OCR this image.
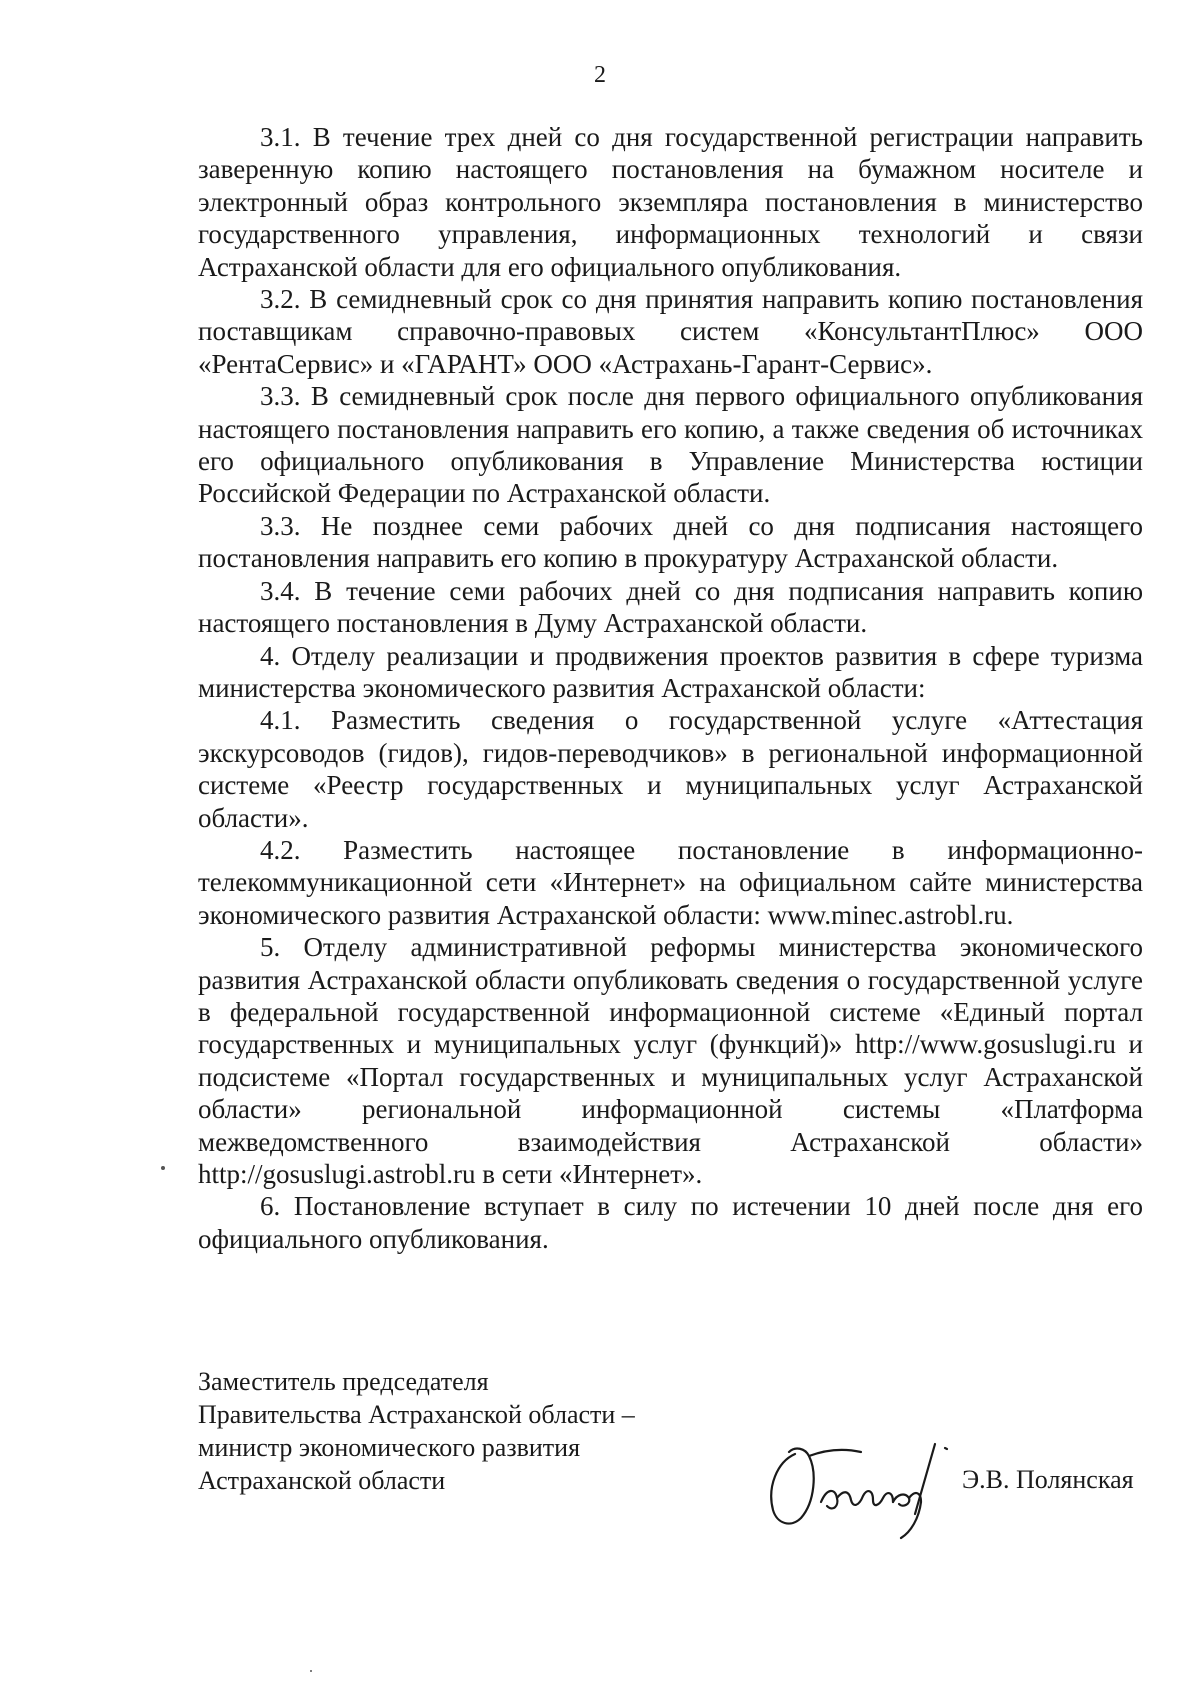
2

3.1. В течение трех дней со дня государственной регистрации направить заверенную копию настоящего постановления на бумажном носителе и электронный образ контрольного экземпляра постановления в министерство государственного управления, информационных технологий и связи Астраханской области для его официального опубликования.

3.2. В семидневный срок со дня принятия направить копию постановления поставщикам справочно-правовых систем «КонсультантПлюс» ООО «РентаСервис» и «ГАРАНТ» ООО «Астрахань-Гарант-Сервис».

3.3. В семидневный срок после дня первого официального опубликования настоящего постановления направить его копию, а также сведения об источниках его официального опубликования в Управление Министерства юстиции Российской Федерации по Астраханской области.

3.3. Не позднее семи рабочих дней со дня подписания настоящего постановления направить его копию в прокуратуру Астраханской области.

3.4. В течение семи рабочих дней со дня подписания направить копию настоящего постановления в Думу Астраханской области.

4. Отделу реализации и продвижения проектов развития в сфере туризма министерства экономического развития Астраханской области:

4.1. Разместить сведения о государственной услуге «Аттестация экскурсоводов (гидов), гидов-переводчиков» в региональной информационной системе «Реестр государственных и муниципальных услуг Астраханской области».

4.2. Разместить настоящее постановление в информационно-телекоммуникационной сети «Интернет» на официальном сайте министерства экономического развития Астраханской области: www.minec.astrobl.ru.

5. Отделу административной реформы министерства экономического развития Астраханской области опубликовать сведения о государственной услуге в федеральной государственной информационной системе «Единый портал государственных и муниципальных услуг (функций)» http://www.gosuslugi.ru и подсистеме «Портал государственных и муниципальных услуг Астраханской области» региональной информационной системы «Платформа межведомственного взаимодействия Астраханской области» http://gosuslugi.astrobl.ru в сети «Интернет».

6. Постановление вступает в силу по истечении 10 дней после дня его официального опубликования.

Заместитель председателя
Правительства Астраханской области –
министр экономического развития
Астраханской области	Э.В. Полянская
